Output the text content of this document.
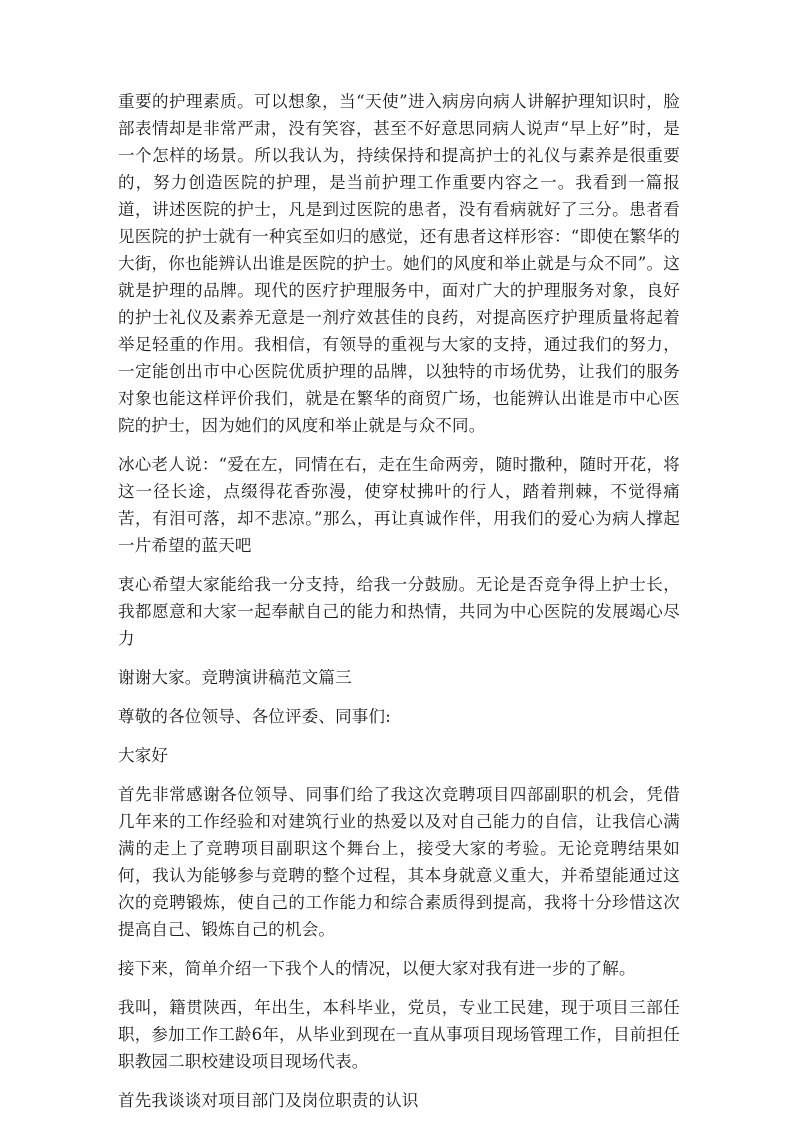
重要的护理素质。可以想象，当“天使”进入病房向病人讲解护理知识时，脸部表情却是非常严肃，没有笑容，甚至不好意思同病人说声“早上好”时，是一个怎样的场景。所以我认为，持续保持和提高护士的礼仪与素养是很重要的，努力创造医院的护理，是当前护理工作重要内容之一。我看到一篇报道，讲述医院的护士，凡是到过医院的患者，没有看病就好了三分。患者看见医院的护士就有一种宾至如归的感觉，还有患者这样形容：“即使在繁华的大街，你也能辨认出谁是医院的护士。她们的风度和举止就是与众不同”。这就是护理的品牌。现代的医疗护理服务中，面对广大的护理服务对象，良好的护士礼仪及素养无意是一剂疗效甚佳的良药，对提高医疗护理质量将起着举足轻重的作用。我相信，有领导的重视与大家的支持，通过我们的努力，一定能创出市中心医院优质护理的品牌，以独特的市场优势，让我们的服务对象也能这样评价我们，就是在繁华的商贸广场，也能辨认出谁是市中心医院的护士，因为她们的风度和举止就是与众不同。

冰心老人说：“爱在左，同情在右，走在生命两旁，随时撒种，随时开花，将这一径长途，点缀得花香弥漫，使穿杖拂叶的行人，踏着荆棘，不觉得痛苦，有泪可落，却不悲凉。”那么，再让真诚作伴，用我们的爱心为病人撑起一片希望的蓝天吧

衷心希望大家能给我一分支持，给我一分鼓励。无论是否竞争得上护士长，我都愿意和大家一起奉献自己的能力和热情，共同为中心医院的发展竭心尽力

谢谢大家。竞聘演讲稿范文篇三

尊敬的各位领导、各位评委、同事们:

大家好

首先非常感谢各位领导、同事们给了我这次竞聘项目四部副职的机会，凭借几年来的工作经验和对建筑行业的热爱以及对自己能力的自信，让我信心满满的走上了竞聘项目副职这个舞台上，接受大家的考验。无论竞聘结果如何，我认为能够参与竞聘的整个过程，其本身就意义重大，并希望能通过这次的竞聘锻炼，使自己的工作能力和综合素质得到提高，我将十分珍惜这次提高自己、锻炼自己的机会。

接下来，简单介绍一下我个人的情况，以便大家对我有进一步的了解。

我叫，籍贯陕西，年出生，本科毕业，党员，专业工民建，现于项目三部任职，参加工作工龄6年，从毕业到现在一直从事项目现场管理工作，目前担任职教园二职校建设项目现场代表。

首先我谈谈对项目部门及岗位职责的认识
